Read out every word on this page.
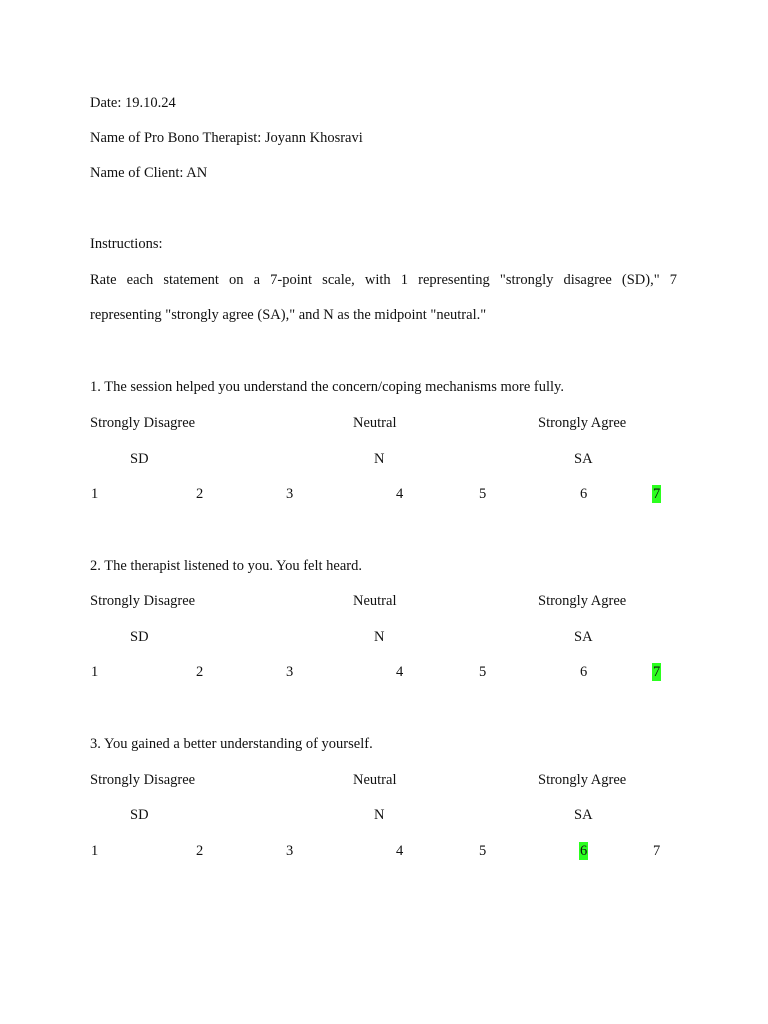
Date: 19.10.24
Name of Pro Bono Therapist: Joyann Khosravi
Name of Client: AN
Instructions:
Rate each statement on a 7-point scale, with 1 representing "strongly disagree (SD)," 7
representing "strongly agree (SA)," and N as the midpoint "neutral."
1. The session helped you understand the concern/coping mechanisms more fully.
Strongly Disagree	Neutral	Strongly Agree
SD	N	SA
1	2	3	4	5	6	7
2. The therapist listened to you. You felt heard.
Strongly Disagree	Neutral	Strongly Agree
SD	N	SA
1	2	3	4	5	6	7
3. You gained a better understanding of yourself.
Strongly Disagree	Neutral	Strongly Agree
SD	N	SA
1	2	3	4	5	6	7
